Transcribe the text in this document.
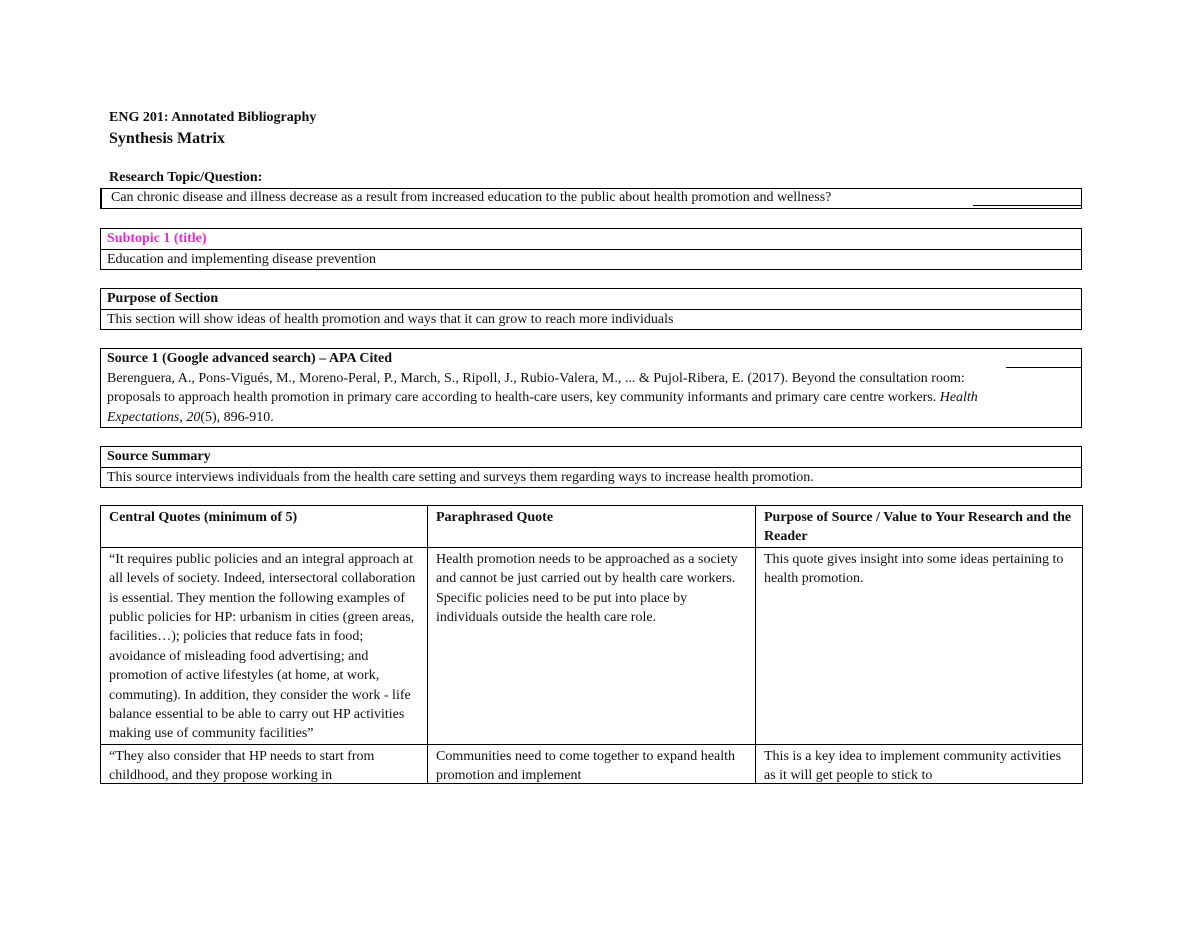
ENG 201: Annotated Bibliography
Synthesis Matrix
Research Topic/Question:
Can chronic disease and illness decrease as a result from increased education to the public about health promotion and wellness?
Subtopic 1 (title)
Education and implementing disease prevention
Purpose of Section
This section will show ideas of health promotion and ways that it can grow to reach more individuals
Source 1 (Google advanced search) – APA Cited
Berenguera, A., Pons-Vigués, M., Moreno-Peral, P., March, S., Ripoll, J., Rubio-Valera, M., ... & Pujol-Ribera, E. (2017). Beyond the consultation room: proposals to approach health promotion in primary care according to health-care users, key community informants and primary care centre workers. Health Expectations, 20(5), 896-910.
Source Summary
This source interviews individuals from the health care setting and surveys them regarding ways to increase health promotion.
Central Quotes (minimum of 5)	Paraphrased Quote	Purpose of Source / Value to Your Research and the Reader
“It requires public policies and an integral approach at all levels of society. Indeed, intersectoral collaboration is essential. They mention the following examples of public policies for HP: urbanism in cities (green areas, facilities…); policies that reduce fats in food; avoidance of misleading food advertising; and promotion of active lifestyles (at home, at work, commuting). In addition, they consider the work - life balance essential to be able to carry out HP activities making use of community facilities”	Health promotion needs to be approached as a society and cannot be just carried out by health care workers. Specific policies need to be put into place by individuals outside the health care role.	This quote gives insight into some ideas pertaining to health promotion.

“They also consider that HP needs to start from childhood, and they propose working in	Communities need to come together to expand health promotion and implement	This is a key idea to implement community activities as it will get people to stick to
